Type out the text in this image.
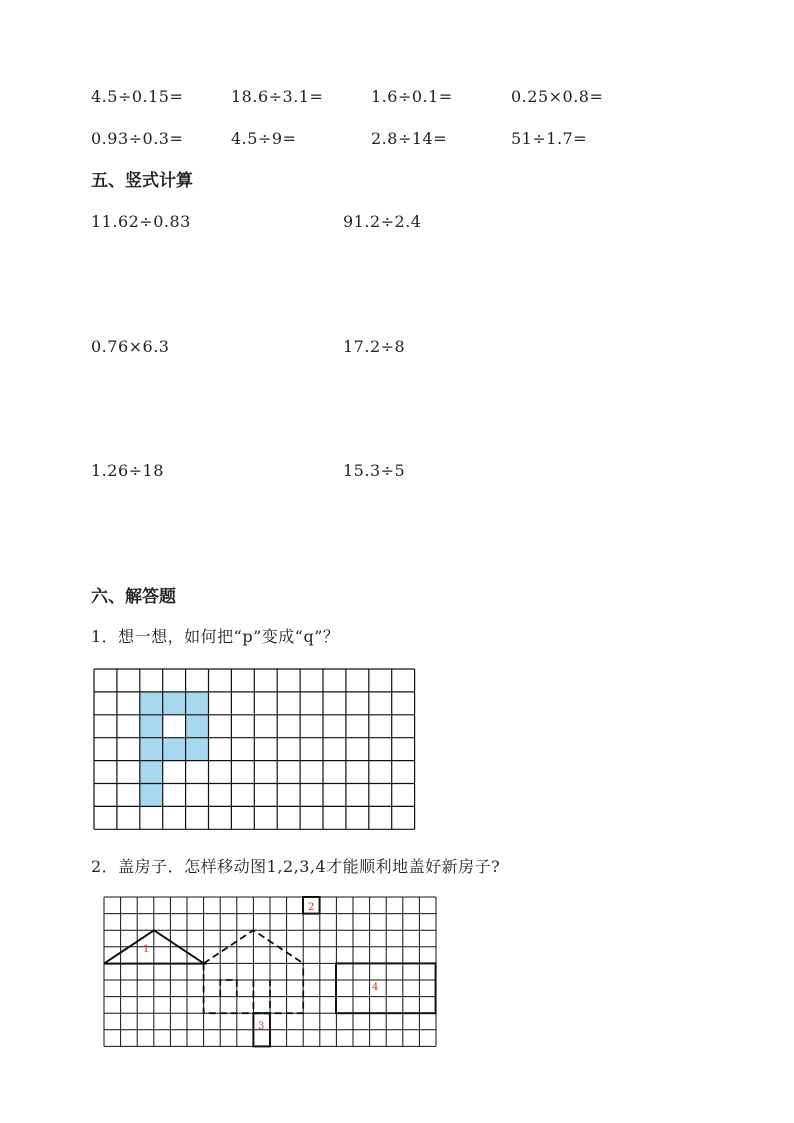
4.5÷0.15=	18.6÷3.1=	1.6÷0.1=	0.25×0.8=
0.93÷0.3=	4.5÷9=	2.8÷14=	51÷1.7=
五、竖式计算
11.62÷0.83	91.2÷2.4
0.76×6.3	17.2÷8
1.26÷18	15.3÷5
六、解答题
1．想一想，如何把“p”变成“q”？
2．盖房子．怎样移动图1,2,3,4才能顺利地盖好新房子?
1
2
3
4
